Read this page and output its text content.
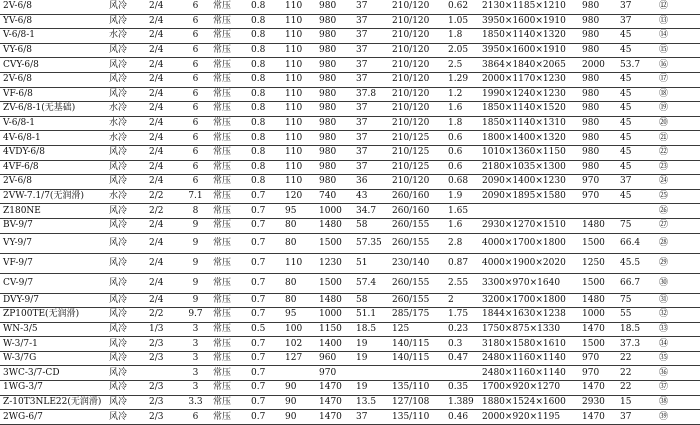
2V-6/8	风冷	2/4	6	常压	0.8	110	980	37	210/120	0.62	2130×1185×1210	980	37	⑫
YV-6/8	风冷	2/4	6	常压	0.8	110	980	37	210/120	1.05	3950×1600×1910	980	37	⑬
V-6/8-1	水冷	2/4	6	常压	0.8	110	980	37	210/120	1.8	1850×1140×1320	980	45	⑭
VY-6/8	风冷	2/4	6	常压	0.8	110	980	37	210/120	2.05	3950×1600×1910	980	45	⑮
CVY-6/8	风冷	2/4	6	常压	0.8	110	980	37	210/120	2.5	3864×1840×2065	2000	53.7	⑯
2V-6/8	风冷	2/4	6	常压	0.8	110	980	37	210/120	1.29	2000×1170×1230	980	45	⑰
VF-6/8	风冷	2/4	6	常压	0.8	110	980	37.8	210/120	1.2	1990×1240×1230	980	45	⑱
ZV-6/8-1(无基础)	水冷	2/4	6	常压	0.8	110	980	37	210/120	1.6	1850×1140×1520	980	45	⑲
V-6/8-1	水冷	2/4	6	常压	0.8	110	980	37	210/120	1.8	1850×1140×1310	980	45	⑳
4V-6/8-1	水冷	2/4	6	常压	0.8	110	980	37	210/125	0.6	1800×1400×1320	980	45	㉑
4VDY-6/8	风冷	2/4	6	常压	0.8	110	980	37	210/125	0.6	1010×1360×1150	980	45	㉒
4VF-6/8	风冷	2/4	6	常压	0.8	110	980	37	210/125	0.6	2180×1035×1300	980	45	㉓
2V-6/8	风冷	2/4	6	常压	0.8	110	980	36	210/120	0.68	2090×1400×1230	970	37	㉔
2VW-7.1/7(无润滑)	水冷	2/2	7.1	常压	0.7	120	740	43	260/160	1.9	2090×1895×1580	970	45	㉕
Z180NE	风冷	2/2	8	常压	0.7	95	1000	34.7	260/160	1.65				㉖
BV-9/7	风冷	2/4	9	常压	0.7	80	1480	58	260/155	1.6	2930×1270×1510	1480	75	㉗
VY-9/7	风冷	2/4	9	常压	0.7	80	1500	57.35	260/155	2.8	4000×1700×1800	1500	66.4	㉘
VF-9/7	风冷	2/4	9	常压	0.7	110	1230	51	230/140	0.87	4000×1900×2020	1250	45.5	㉙
CV-9/7	风冷	2/4	9	常压	0.7	80	1500	57.4	260/155	2.55	3300×970×1640	1500	66.7	㉚
DVY-9/7	风冷	2/4	9	常压	0.7	80	1480	58	260/155	2	3200×1700×1800	1480	75	㉛
ZP100TE(无润滑)	风冷	2/2	9.7	常压	0.7	95	1000	51.1	285/175	1.75	1844×1630×1238	1000	55	㉜
WN-3/5	风冷	1/3	3	常压	0.5	100	1150	18.5	125	0.23	1750×875×1330	1470	18.5	㉝
W-3/7-1	风冷	2/3	3	常压	0.7	102	1400	19	140/115	0.3	3180×1580×1610	1500	37.3	㉞
W-3/7G	风冷	2/3	3	常压	0.7	127	960	19	140/115	0.47	2480×1160×1140	970	22	㉟
3WC-3/7-CD	风冷		3	常压	0.7		970				2480×1160×1140	970	22	㊱
1WG-3/7	风冷	2/3	3	常压	0.7	90	1470	19	135/110	0.35	1700×920×1270	1470	22	㊲
Z-10T3NLE22(无润滑)	风冷	2/3	3.3	常压	0.7	90	1470	13.5	127/108	1.389	1880×1524×1600	2930	15	㊳
2WG-6/7	风冷	2/3	6	常压	0.7	90	1470	37	135/110	0.46	2000×920×1195	1470	37	㊴
